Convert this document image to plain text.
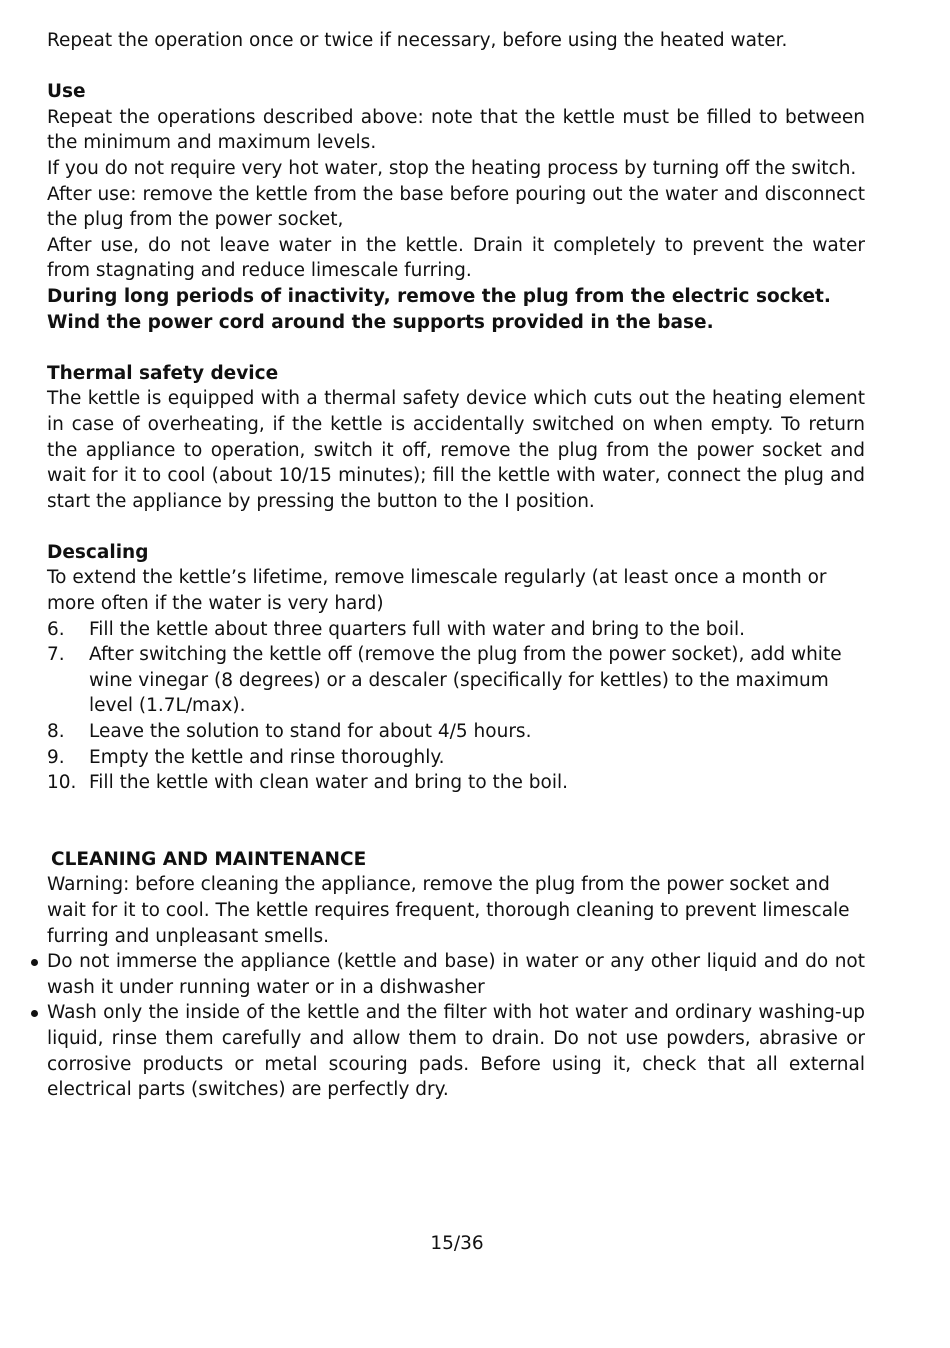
Repeat the operation once or twice if necessary, before using the heated water.

Use

Repeat the operations described above: note that the kettle must be filled to between the minimum and maximum levels.

If you do not require very hot water, stop the heating process by turning off the switch.

After use: remove the kettle from the base before pouring out the water and disconnect the plug from the power socket,

After use, do not leave water in the kettle. Drain it completely to prevent the water from stagnating and reduce limescale furring.

During long periods of inactivity, remove the plug from the electric socket. Wind the power cord around the supports provided in the base.

Thermal safety device

The kettle is equipped with a thermal safety device which cuts out the heating element in case of overheating, if the kettle is accidentally switched on when empty. To return the appliance to operation, switch it off, remove the plug from the power socket and wait for it to cool (about 10/15 minutes); fill the kettle with water, connect the plug and start the appliance by pressing the button to the I position.

Descaling

To extend the kettle’s lifetime, remove limescale regularly (at least once a month or more often if the water is very hard)

6. Fill the kettle about three quarters full with water and bring to the boil.
7. After switching the kettle off (remove the plug from the power socket), add white wine vinegar (8 degrees) or a descaler (specifically for kettles) to the maximum level (1.7L/max).
8. Leave the solution to stand for about 4/5 hours.
9. Empty the kettle and rinse thoroughly.
10. Fill the kettle with clean water and bring to the boil.

CLEANING AND MAINTENANCE

Warning: before cleaning the appliance, remove the plug from the power socket and wait for it to cool. The kettle requires frequent, thorough cleaning to prevent limescale furring and unpleasant smells.

Do not immerse the appliance (kettle and base) in water or any other liquid and do not wash it under running water or in a dishwasher
Wash only the inside of the kettle and the filter with hot water and ordinary washing-up liquid, rinse them carefully and allow them to drain. Do not use powders, abrasive or corrosive products or metal scouring pads. Before using it, check that all external electrical parts (switches) are perfectly dry.
15/36
